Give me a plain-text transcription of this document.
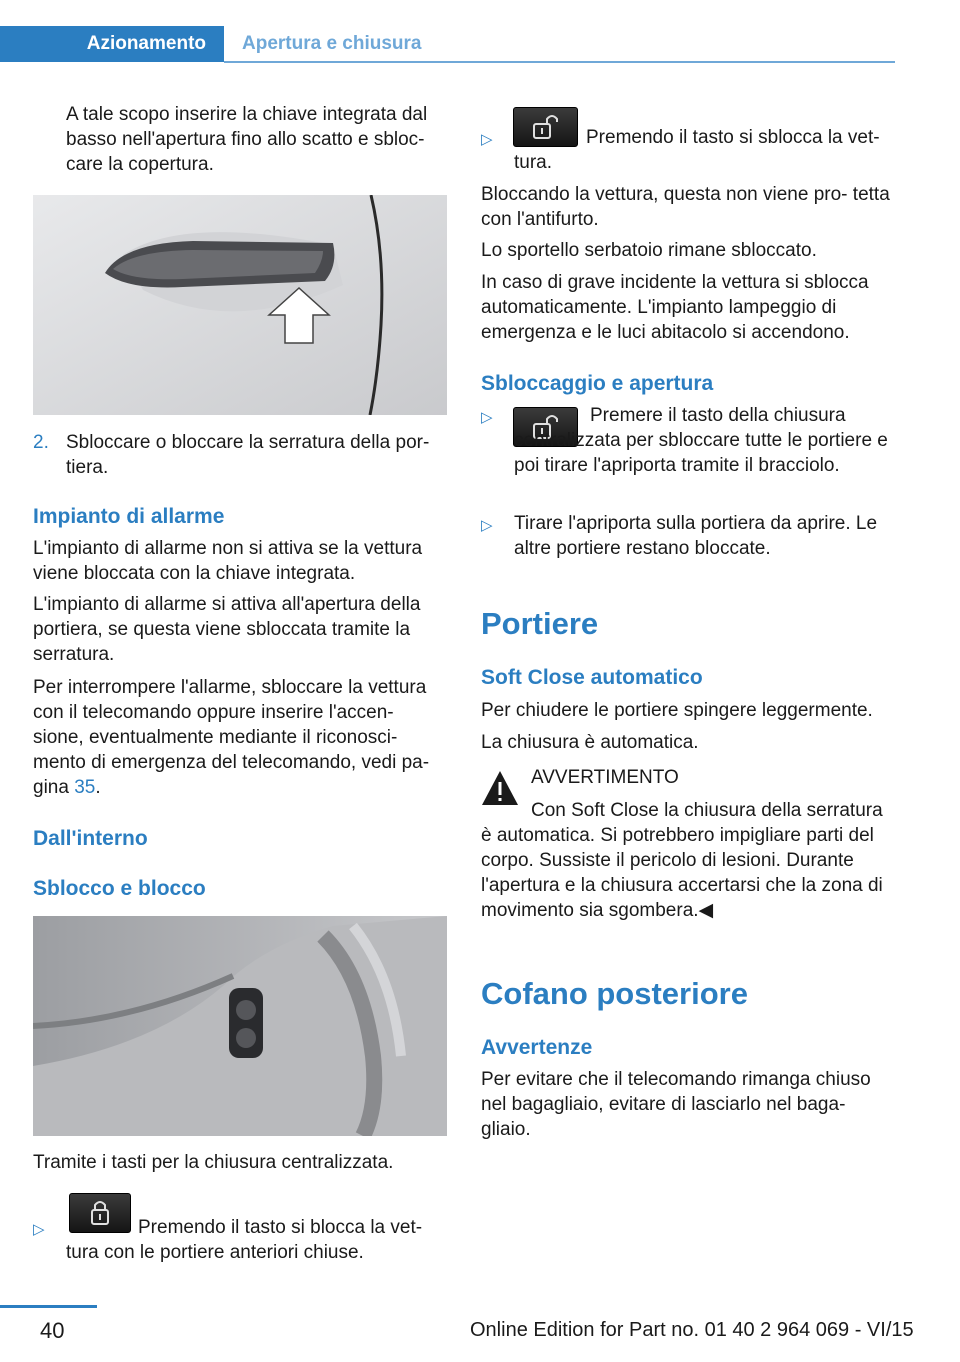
Azionamento	Apertura e chiusura

A tale scopo inserire la chiave integrata dal basso nell'apertura fino allo scatto e sbloc- care la copertura.

2. Sbloccare o bloccare la serratura della por- tiera.

Impianto di allarme

L'impianto di allarme non si attiva se la vettura viene bloccata con la chiave integrata.

L'impianto di allarme si attiva all'apertura della portiera, se questa viene sbloccata tramite la serratura.

Per interrompere l'allarme, sbloccare la vettura con il telecomando oppure inserire l'accen- sione, eventualmente mediante il riconosci- mento di emergenza del telecomando, vedi pa- gina 35.

Dall'interno
Sblocco e blocco

Tramite i tasti per la chiusura centralizzata.

▷	Premendo il tasto si blocca la vet- tura con le portiere anteriori chiuse.

▷	Premendo il tasto si sblocca la vet- tura.

Bloccando la vettura, questa non viene pro- tetta con l'antifurto.

Lo sportello serbatoio rimane sbloccato.

In caso di grave incidente la vettura si sblocca automaticamente. L'impianto lampeggio di emergenza e le luci abitacolo si accendono.

Sbloccaggio e apertura
▷	Premere il tasto della chiusura centralizzata per sbloccare tutte le portiere e poi tirare l'apriporta tramite il bracciolo.

▷ Tirare l'apriporta sulla portiera da aprire. Le altre portiere restano bloccate.

Portiere
Soft Close automatico

Per chiudere le portiere spingere leggermente.

La chiusura è automatica.

AVVERTIMENTO

Con Soft Close la chiusura della serratura è automatica. Si potrebbero impigliare parti del corpo. Sussiste il pericolo di lesioni. Durante l'apertura e la chiusura accertarsi che la zona di movimento sia sgombera.◀

Cofano posteriore
Avvertenze

Per evitare che il telecomando rimanga chiuso nel bagagliaio, evitare di lasciarlo nel baga- gliaio.

40	Online Edition for Part no. 01 40 2 964 069 - VI/15
